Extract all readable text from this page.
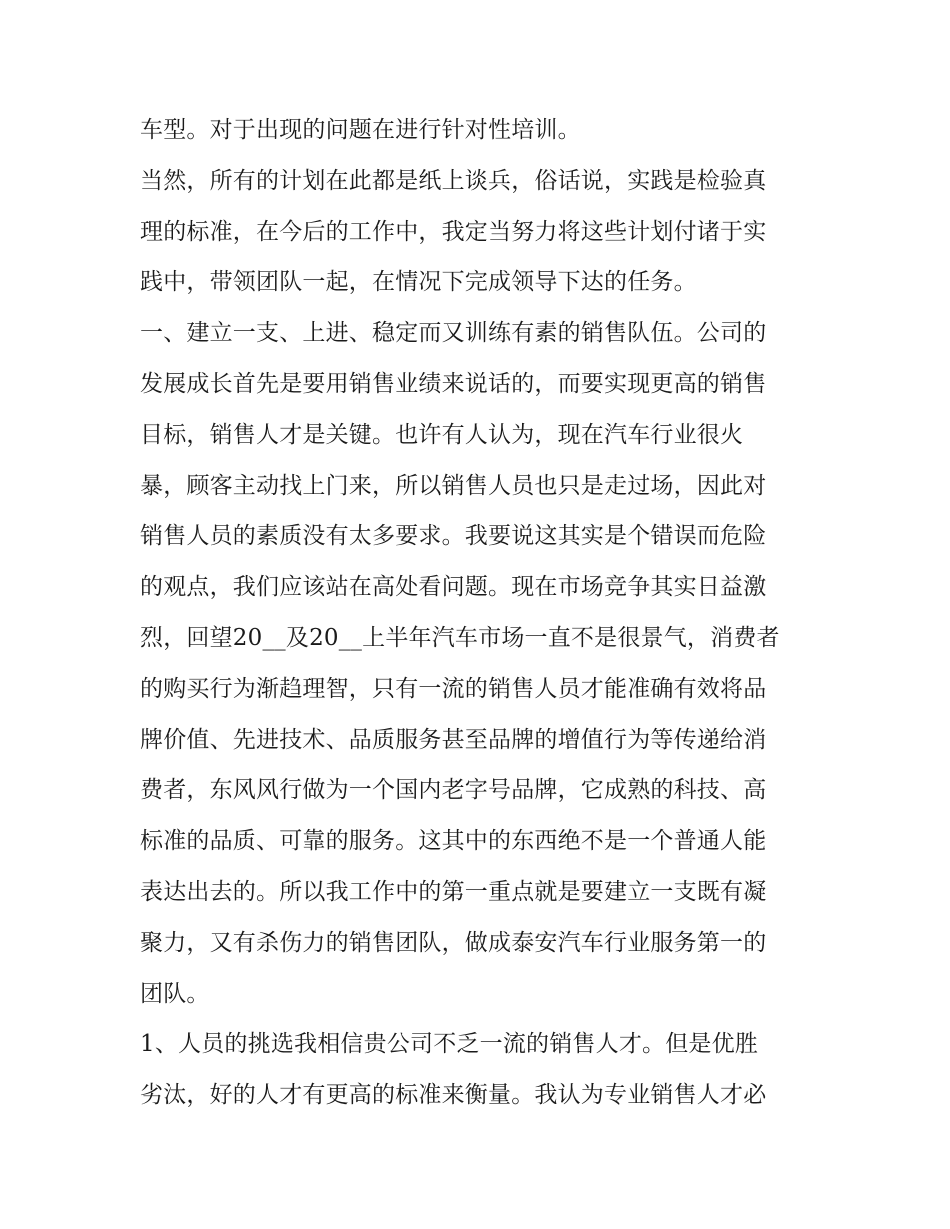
车型。对于出现的问题在进行针对性培训。
当然，所有的计划在此都是纸上谈兵，俗话说，实践是检验真
理的标准，在今后的工作中，我定当努力将这些计划付诸于实
践中，带领团队一起，在情况下完成领导下达的任务。
一、建立一支、上进、稳定而又训练有素的销售队伍。公司的
发展成长首先是要用销售业绩来说话的，而要实现更高的销售
目标，销售人才是关键。也许有人认为，现在汽车行业很火
暴，顾客主动找上门来，所以销售人员也只是走过场，因此对
销售人员的素质没有太多要求。我要说这其实是个错误而危险
的观点，我们应该站在高处看问题。现在市场竞争其实日益激
烈，回望20__及20__上半年汽车市场一直不是很景气，消费者
的购买行为渐趋理智，只有一流的销售人员才能准确有效将品
牌价值、先进技术、品质服务甚至品牌的增值行为等传递给消
费者，东风风行做为一个国内老字号品牌，它成熟的科技、高
标准的品质、可靠的服务。这其中的东西绝不是一个普通人能
表达出去的。所以我工作中的第一重点就是要建立一支既有凝
聚力，又有杀伤力的销售团队，做成泰安汽车行业服务第一的
团队。
1、人员的挑选我相信贵公司不乏一流的销售人才。但是优胜
劣汰，好的人才有更高的标准来衡量。我认为专业销售人才必
